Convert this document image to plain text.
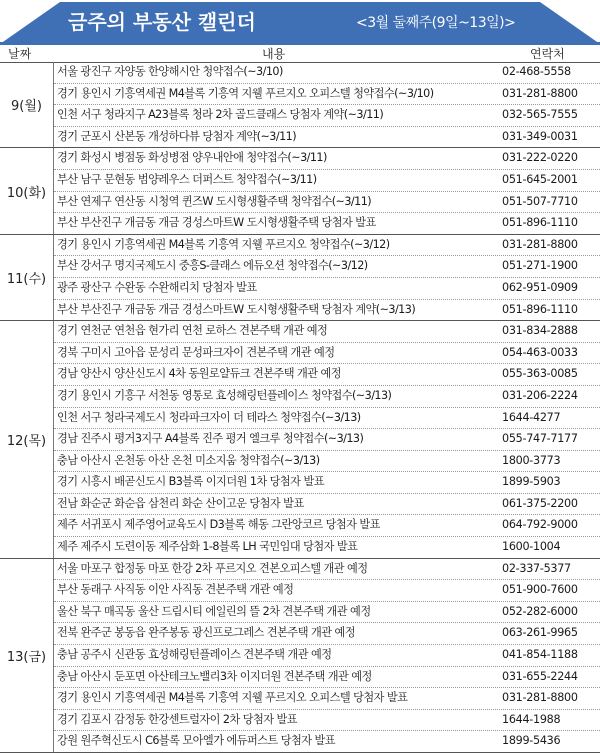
금주의 부동산 캘린더	<3월 둘째주(9일~13일)>
날짜	내용	연락처
9(월)
서울 광진구 자양동 한양해시안 청약접수(~3/10)	02-468-5558
경기 용인시 기흥역세권 M4블록 기흥역 지웰 푸르지오 오피스텔 청약접수(~3/10)	031-281-8800
인천 서구 청라지구 A23블록 청라 2차 골드클래스 당첨자 계약(~3/11)	032-565-7555
경기 군포시 산본동 개성하다뷰 당첨자 계약(~3/11)	031-349-0031
10(화)
경기 화성시 병점동 화성병점 양우내안애 청약접수(~3/11)	031-222-0220
부산 남구 문현동 범양레우스 더퍼스트 청약접수(~3/11)	051-645-2001
부산 연제구 연산동 시청역 퀸즈W 도시형생활주택 청약접수(~3/11)	051-507-7710
부산 부산진구 개금동 개금 경성스마트W 도시형생활주택 당첨자 발표	051-896-1110
11(수)
경기 용인시 기흥역세권 M4블록 기흥역 지웰 푸르지오 청약접수(~3/12)	031-281-8800
부산 강서구 명지국제도시 중흥S-클래스 에듀오션 청약접수(~3/12)	051-271-1900
광주 광산구 수완동 수완해리치 당첨자 발표	062-951-0909
부산 부산진구 개금동 개금 경성스마트W 도시형생활주택 당첨자 계약(~3/13)	051-896-1110
12(목)
경기 연천군 연천읍 현가리 연천 로하스 견본주택 개관 예정	031-834-2888
경북 구미시 고아읍 문성리 문성파크자이 견본주택 개관 예정	054-463-0033
경남 양산시 양산신도시 4차 동원로얄듀크 견본주택 개관 예정	055-363-0085
경기 용인시 기흥구 서천동 영통로 효성해링턴플레이스 청약접수(~3/13)	031-206-2224
인천 서구 청라국제도시 청라파크자이 더 테라스 청약접수(~3/13)	1644-4277
경남 진주시 평거3지구 A4블록 진주 평거 엘크루 청약접수(~3/13)	055-747-7177
충남 아산시 온천동 아산 온천 미소지움 청약접수(~3/13)	1800-3773
경기 시흥시 배곧신도시 B3블록 이지더원 1차 당첨자 발표	1899-5903
전남 화순군 화순읍 삼천리 화순 산이고운 당첨자 발표	061-375-2200
제주 서귀포시 제주영어교육도시 D3블록 해동 그란앙코르 당첨자 발표	064-792-9000
제주 제주시 도련이동 제주삼화 1-8블록 LH 국민임대 당첨자 발표	1600-1004
13(금)
서울 마포구 합정동 마포 한강 2차 푸르지오 견본오피스텔 개관 예정	02-337-5377
부산 동래구 사직동 이안 사직동 견본주택 개관 예정	051-900-7600
울산 북구 매곡동 울산 드림시티 에일린의 뜰 2차 견본주택 개관 예정	052-282-6000
전북 완주군 봉동읍 완주봉동 광신프로그레스 견본주택 개관 예정	063-261-9965
충남 공주시 신관동 효성해링턴플레이스 견본주택 개관 예정	041-854-1188
충남 아산시 둔포면 아산테크노밸리3차 이지더원 견본주택 개관 예정	031-655-2244
경기 용인시 기흥역세권 M4블록 기흥역 지웰 푸르지오 오피스텔 당첨자 발표	031-281-8800
경기 김포시 감정동 한강센트럴자이 2차 당첨자 발표	1644-1988
강원 원주혁신도시 C6블록 모아엘가 에듀퍼스트 당첨자 발표	1899-5436
